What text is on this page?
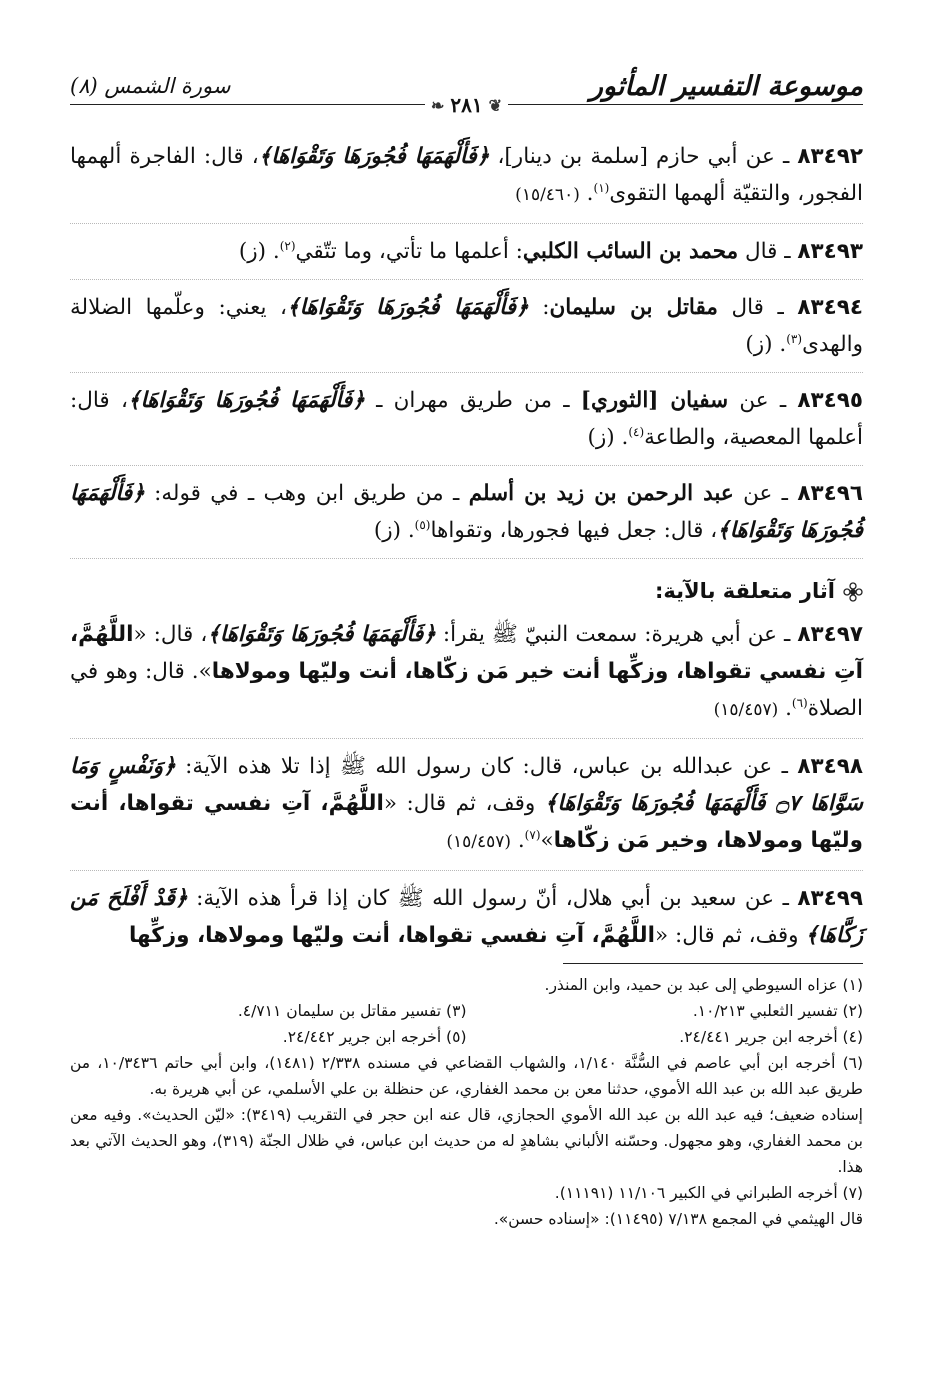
موسوعة التفسير المأثور
سورة الشمس (٨)
❦
٢٨١
❧

٨٣٤٩٢ ـ عن أبي حازم [سلمة بن دينار]، ﴿فَأَلْهَمَهَا فُجُورَهَا وَتَقْوَاهَا﴾، قال: الفاجرة ألهمها الفجور، والتقيّة ألهمها التقوى$^{(١)}$. (١٥/٤٦٠)

٨٣٤٩٣ ـ قال محمد بن السائب الكلبي: أعلمها ما تأتي، وما تتّقي$^{(٢)}$. (ز)

٨٣٤٩٤ ـ قال مقاتل بن سليمان: ﴿فَأَلْهَمَهَا فُجُورَهَا وَتَقْوَاهَا﴾، يعني: وعلّمها الضلالة والهدى$^{(٣)}$. (ز)

٨٣٤٩٥ ـ عن سفيان [الثوري] ـ من طريق مهران ـ ﴿فَأَلْهَمَهَا فُجُورَهَا وَتَقْوَاهَا﴾، قال: أعلمها المعصية، والطاعة$^{(٤)}$. (ز)

٨٣٤٩٦ ـ عن عبد الرحمن بن زيد بن أسلم ـ من طريق ابن وهب ـ في قوله: ﴿فَأَلْهَمَهَا فُجُورَهَا وَتَقْوَاهَا﴾، قال: جعل فيها فجورها، وتقواها$^{(٥)}$. (ز)

آثار متعلقة بالآية:

٨٣٤٩٧ ـ عن أبي هريرة: سمعت النبيّ ﷺ يقرأ: ﴿فَأَلْهَمَهَا فُجُورَهَا وَتَقْوَاهَا﴾، قال: «اللَّهُمَّ، آتِ نفسي تقواها، وزكِّها أنت خير مَن زكّاها، أنت وليّها ومولاها». قال: وهو في الصلاة$^{(٦)}$. (١٥/٤٥٧)

٨٣٤٩٨ ـ عن عبدالله بن عباس، قال: كان رسول الله ﷺ إذا تلا هذه الآية: ﴿وَنَفْسٍ وَمَا سَوَّاهَا ۝٧ فَأَلْهَمَهَا فُجُورَهَا وَتَقْوَاهَا﴾ وقف، ثم قال: «اللَّهُمَّ، آتِ نفسي تقواها، أنت وليّها ومولاها، وخير مَن زكّاها»$^{(٧)}$. (١٥/٤٥٧)

٨٣٤٩٩ ـ عن سعيد بن أبي هلال، أنّ رسول الله ﷺ كان إذا قرأ هذه الآية: ﴿قَدْ أَفْلَحَ مَن زَكَّاهَا﴾ وقف، ثم قال: «اللَّهُمَّ، آتِ نفسي تقواها، أنت وليّها ومولاها، وزكِّها

(١) عزاه السيوطي إلى عبد بن حميد، وابن المنذر.

(٢) تفسير الثعلبي ١٠/٢١٣.
(٣) تفسير مقاتل بن سليمان ٤/٧١١.
(٤) أخرجه ابن جرير ٢٤/٤٤١.
(٥) أخرجه ابن جرير ٢٤/٤٤٢.

(٦) أخرجه ابن أبي عاصم في السُّنَّة ١/١٤٠، والشهاب القضاعي في مسنده ٢/٣٣٨ (١٤٨١)، وابن أبي حاتم ١٠/٣٤٣٦، من طريق عبد الله بن عبد الله الأموي، حدثنا معن بن محمد الغفاري، عن حنظلة بن علي الأسلمي، عن أبي هريرة به.

إسناده ضعيف؛ فيه عبد الله بن عبد الله الأموي الحجازي، قال عنه ابن حجر في التقريب (٣٤١٩): «ليّن الحديث». وفيه معن بن محمد الغفاري، وهو مجهول. وحسّنه الألباني بشاهدٍ له من حديث ابن عباس، في ظلال الجنّة (٣١٩)، وهو الحديث الآتي بعد هذا.

(٧) أخرجه الطبراني في الكبير ١١/١٠٦ (١١١٩١).

قال الهيثمي في المجمع ٧/١٣٨ (١١٤٩٥): «إسناده حسن».
